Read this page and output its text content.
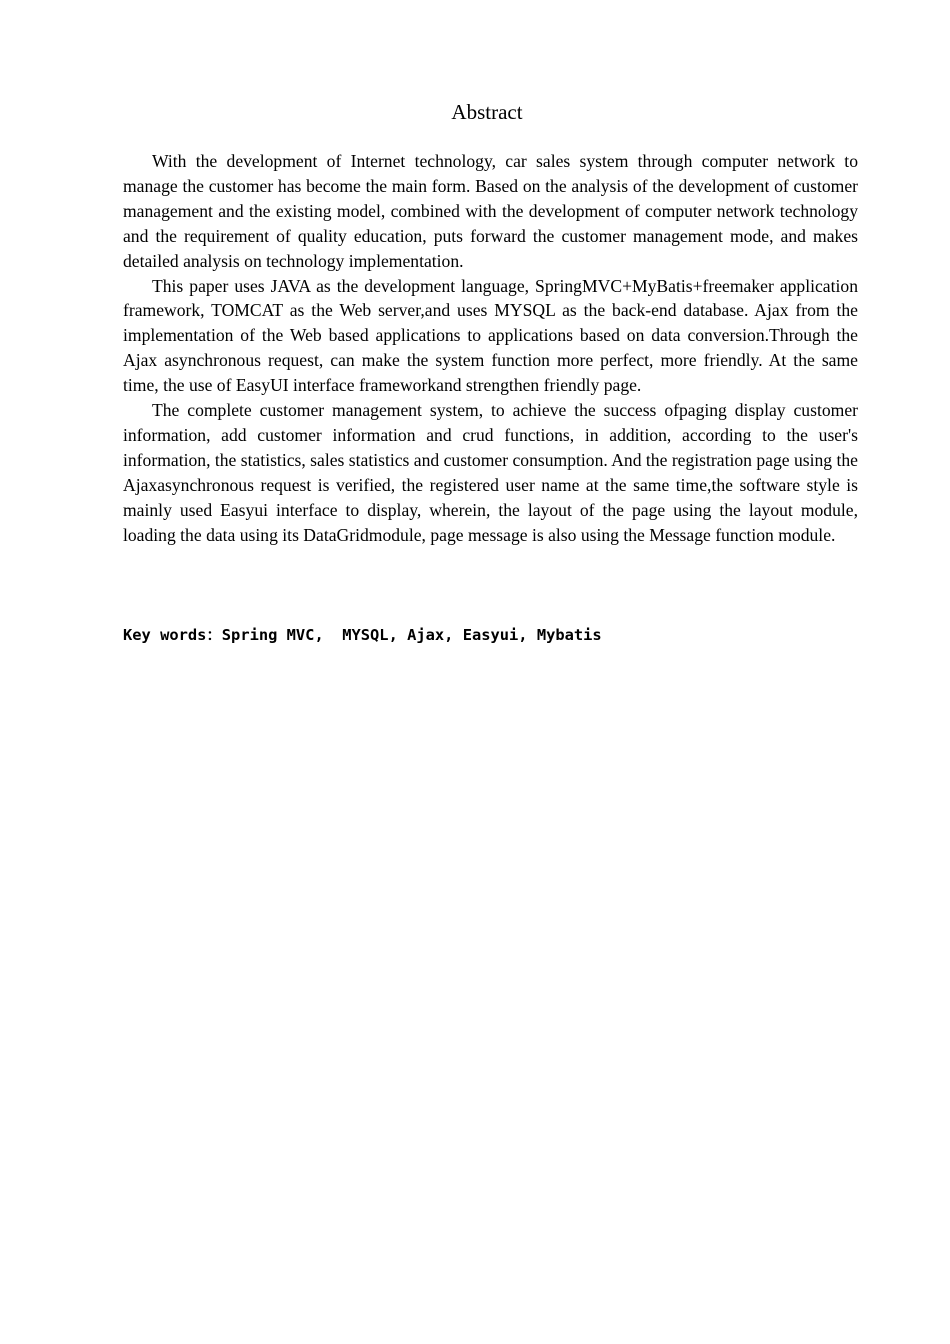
Abstract

With the development of Internet technology, car sales system through computer network to manage the customer has become the main form. Based on the analysis of the development of customer management and the existing model, combined with the development of computer network technology and the requirement of quality education, puts forward the customer management mode, and makes detailed analysis on technology implementation.

This paper uses JAVA as the development language, SpringMVC+MyBatis+freemaker application framework, TOMCAT as the Web server,and uses MYSQL as the back-end database. Ajax from the implementation of the Web based applications to applications based on data conversion.Through the Ajax asynchronous request, can make the system function more perfect, more friendly. At the same time, the use of EasyUI interface frameworkand strengthen friendly page.

The complete customer management system, to achieve the success ofpaging display customer information, add customer information and crud functions, in addition, according to the user's information, the statistics, sales statistics and customer consumption. And the registration page using the Ajaxasynchronous request is verified, the registered user name at the same time,the software style is mainly used Easyui interface to display, wherein, the layout of the page using the layout module, loading the data using its DataGridmodule, page message is also using the Message function module.

Key words：Spring MVC,  MYSQL, Ajax, Easyui, Mybatis
